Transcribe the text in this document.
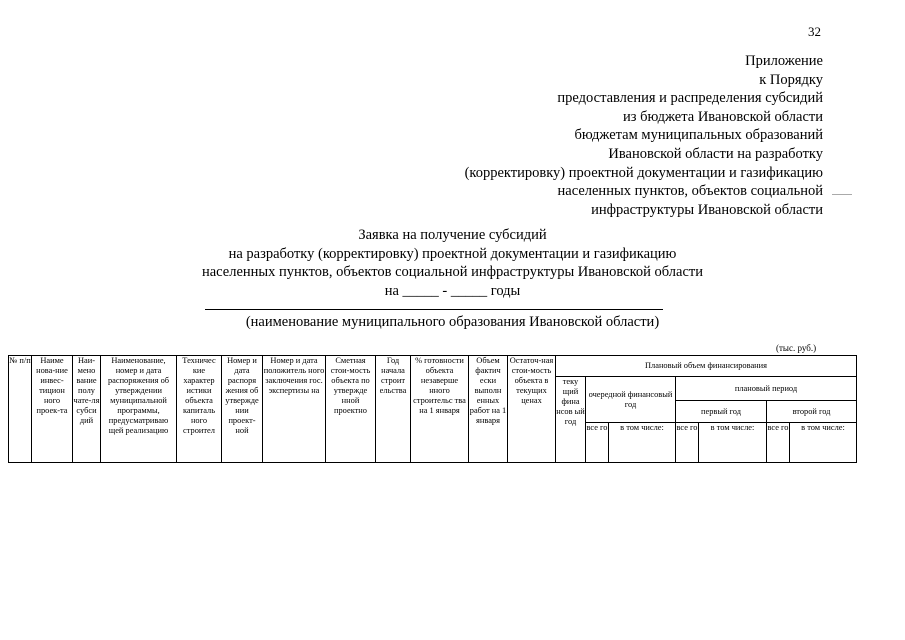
32
Приложение
к Порядку
предоставления и распределения субсидий
из бюджета Ивановской области
бюджетам муниципальных образований
Ивановской области на разработку
(корректировку) проектной документации и газификацию
населенных пунктов, объектов социальной
инфраструктуры Ивановской области
Заявка на получение субсидий
на разработку (корректировку) проектной документации и газификацию
населенных пунктов, объектов социальной инфраструктуры Ивановской области
на _____ - _____ годы
(наименование муниципального образования Ивановской области)
(тыс. руб.)
№ п/п	Наиме нова-ние инвес-тицион ного проек-та	Наи-мено вание полу чате-ля субси дий	Наименование, номер и дата распоряжения об утверждении муниципальной программы, предусматриваю щей реализацию	Техничес кие характер истики объекта капиталь ного строител	Номер и дата распоря жения об утверждe нии проект-ной	Номер и дата положитель ного заключения гос. экспертизы на	Сметная стои-мость объекта по утвержде нной проектно	Год начала строит ельства	% готовности объекта незаверше нного строительс тва на 1 января	Объем фактич ески выполн енных работ на 1 января	Остаточ-ная стои-мость объекта в текущих ценах	Плановый объем финансирования						
												теку щий фина нсов ый год	очередной финансовый год		плановый период			
															первый год		второй год	
													все го	в том числе:	все го	в том числе:	все го	в том числе:
